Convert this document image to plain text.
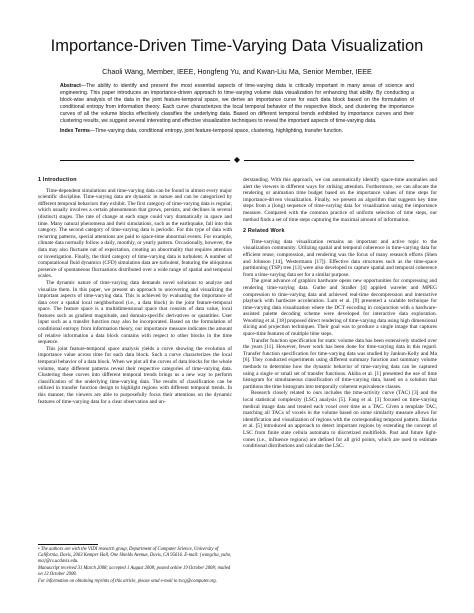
Importance-Driven Time-Varying Data Visualization
Chaoli Wang, Member, IEEE, Hongfeng Yu, and Kwan-Liu Ma, Senior Member, IEEE

Abstract—The ability to identify and present the most essential aspects of time-varying data is critically important in many areas of science and engineering. This paper introduces an importance-driven approach to time-varying volume data visualization for enhancing that ability. By conducting a block-wise analysis of the data in the joint feature-temporal space, we derive an importance curve for each data block based on the formulation of conditional entropy from information theory. Each curve characterizes the local temporal behavior of the respective block, and clustering the importance curves of all the volume blocks effectively classifies the underlying data. Based on different temporal trends exhibited by importance curves and their clustering results, we suggest several interesting and effective visualization techniques to reveal the important aspects of time-varying data.

Index Terms—Time-varying data, conditional entropy, joint feature-temporal space, clustering, highlighting, transfer function.

◆
1 Introduction

Time-dependent simulations and time-varying data can be found in almost every major scientific discipline. Time-varying data are dynamic in nature and can be categorized by different temporal behaviors they exhibit. The first category of time-varying data is regular, which usually involves a certain phenomenon that grows, persists, and declines in several (distinct) stages. The rate of change at each stage could vary dramatically in space and time. Many natural phenomena and their simulations, such as the earthquake, fall into this category. The second category of time-varying data is periodic. For this type of data with recurring patterns, special attentions are paid to space-time abnormal events. For example, climate data normally follow a daily, monthly, or yearly pattern. Occasionally, however, the data may also fluctuate out of expectation, creating an abnormality that requires attention or investigation. Finally, the third category of time-varying data is turbulent. A number of computational fluid dynamics (CFD) simulation data are turbulent, featuring the ubiquitous presence of spontaneous fluctuations distributed over a wide range of spatial and temporal scales.

The dynamic nature of time-varying data demands novel solutions to analyze and visualize them. In this paper, we present an approach to uncovering and visualizing the important aspects of time-varying data. This is achieved by evaluating the importance of data over a spatial local neighborhood (i.e., a data block) in the joint feature-temporal space. The feature space is a multidimensional space that consists of data value, local features such as gradient magnitude, and domain-specific derivatives or quantities. User input such as a transfer function may also be incorporated. Based on the formulation of conditional entropy from information theory, our importance measure indicates the amount of relative information a data block contains with respect to other blocks in the time sequence.

This joint feature-temporal space analysis yields a curve showing the evolution of importance value across time for each data block. Such a curve characterizes the local temporal behavior of a data block. When we plot all the curves of data blocks for the whole volume, many different patterns reveal their respective categories of time-varying data. Clustering these curves into different temporal trends brings us a new way to perform classification of the underlying time-varying data. The results of classification can be utilized in transfer function design to highlight regions with different temporal trends. In this manner, the viewers are able to purposefully focus their attentions on the dynamic features of time-varying data for a clear observation and un-

• The authors are with the VIDI research group, Department of Computer Science, University of California, Davis, 2063 Kemper Hall, One Shields Avenue, Davis, CA 95616. E-mail: {wangcha, yuho, ma}@cs.ucdavis.edu.

Manuscript received 31 March 2008; accepted 1 August 2008; posted online 19 October 2008; mailed on 13 October 2008.

For information on obtaining reprints of this article, please send e-mail to:tvcg@computer.org.

derstanding. With this approach, we can automatically identify space-time anomalies and alert the viewers in different ways for striking attention. Furthermore, we can allocate the rendering or animation time budget based on the importance values of time steps for importance-driven visualization. Finally, we present an algorithm that suggests key time steps from a (long) sequence of time-varying data for visualization using the importance measure. Compared with the common practice of uniform selection of time steps, our method finds a set of time steps capturing the maximal amount of information.

2 Related Work

Time-varying data visualization remains an important and active topic to the visualization community. Utilizing spatial and temporal coherence in time-varying data for efficient reuse, compression, and rendering was the focus of many research efforts (Shen and Johnson [14], Westermann [17]). Effective data structures such as the time-space partitioning (TSP) tree [13] were also developed to capture spatial and temporal coherence from a time-varying data set for a similar purpose.

The great advance of graphics hardware opens new opportunities for compressing and rendering time-varying data. Guthe and Straßer [4] applied wavelet and MPEG compression to time-varying data and achieved real-time decompression and interactive playback with hardware acceleration. Lum et al. [9] presented a scalable technique for time-varying data visualization where the DCT encoding in conjunction with a hardware-assisted palette decoding scheme were developed for interactive data exploration. Woodring et al. [18] proposed direct rendering of time-varying data using high dimensional slicing and projection techniques. Their goal was to produce a single image that captures space-time features of multiple time steps.

Transfer function specification for static volume data has been extensively studied over the years [11]. However, fewer work has been done for time-varying data in this regard. Transfer function specification for time-varying data was studied by Jankun-Kelly and Ma [6]. They conducted experiments using different summary function and summary volume methods to determine how the dynamic behavior of time-varying data can be captured using a single or small set of transfer functions. Akiba et al. [1] presented the use of time histogram for simultaneous classification of time-varying data, based on a solution that partitions the time histogram into temporally coherent equivalence classes.

Research closely related to ours includes the time-activity curve (TAC) [3] and the local statistical complexity (LSC) analysis [5]. Fang et al. [3] focused on time-varying medical image data and treated each voxel over time as a TAC. Given a template TAC, matching all TACs of voxels in the volume based on some similarity measure allows for identification and visualization of regions with the corresponding temporal pattern. Jänicke et al. [5] introduced an approach to detect important regions by extending the concept of LSC from finite state cellula automata to discretized multifields. Past and future light-cones (i.e., influence regions) are defined for all grid points, which are used to estimate conditional distributions and calculate the LSC.
